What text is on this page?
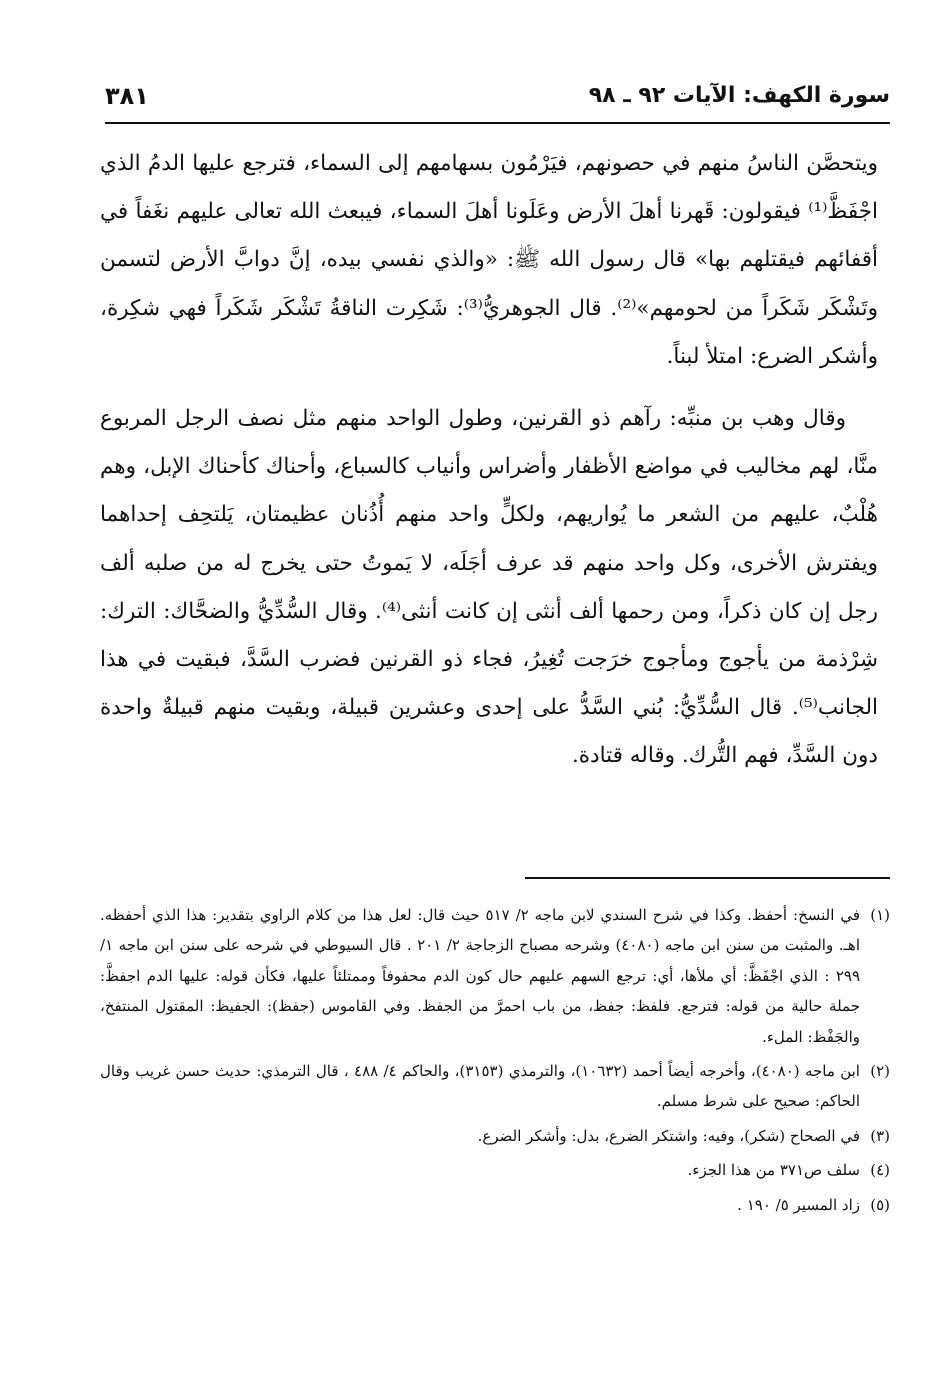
سورة الكهف: الآيات ٩٢ ـ ٩٨
٣٨١

ويتحصَّن الناسُ منهم في حصونهم، فيَرْمُون بسهامهم إلى السماء، فترجع عليها الدمُ الذي اجْفَظَّ⁽¹⁾ فيقولون: قَهرنا أهلَ الأرض وعَلَونا أهلَ السماء، فيبعث الله تعالى عليهم نغَفاً في أقفائهم فيقتلهم بها» قال رسول الله ﷺ: «والذي نفسي بيده، إنَّ دوابَّ الأرض لتسمن وتَشْكَر شَكَراً من لحومهم»⁽²⁾. قال الجوهريُّ⁽³⁾: شَكِرت الناقةُ تَشْكَر شَكَراً فهي شكِرة، وأشكر الضرع: امتلأ لبناً.

وقال وهب بن منبِّه: رآهم ذو القرنين، وطول الواحد منهم مثل نصف الرجل المربوع منَّا، لهم مخاليب في مواضع الأظفار وأضراس وأنياب كالسباع، وأحناك كأحناك الإبل، وهم هُلْبٌ، عليهم من الشعر ما يُواريهم، ولكلٍّ واحد منهم أُذُنان عظيمتان، يَلتحِف إحداهما ويفترش الأخرى، وكل واحد منهم قد عرف أجَلَه، لا يَموتُ حتى يخرج له من صلبه ألف رجل إن كان ذكراً، ومن رحمها ألف أنثى إن كانت أنثى⁽⁴⁾. وقال السُّدِّيُّ والضحَّاك: الترك: شِرْذمة من يأجوج ومأجوج خرَجت تُغِيرُ، فجاء ذو القرنين فضرب السَّدَّ، فبقيت في هذا الجانب⁽⁵⁾. قال السُّدِّيُّ: بُني السَّدُّ على إحدى وعشرين قبيلة، وبقيت منهم قبيلةٌ واحدة دون السَّدِّ، فهم التُّرك. وقاله قتادة.

(١)
في النسخ: أحفظ. وكذا في شرح السندي لابن ماجه ٢/ ٥١٧ حيث قال: لعل هذا من كلام الراوي بتقدير: هذا الذي أحفظه. اهـ. والمثبت من سنن ابن ماجه (٤٠٨٠) وشرحه مصباح الزجاجة ٢/ ٢٠١ . قال السيوطي في شرحه على سنن ابن ماجه ١/ ٢٩٩ : الذي اجْفَظَّ: أي ملأها، أي: ترجع السهم عليهم حال كون الدم محفوفاً وممتلئاً عليها، فكأن قوله: عليها الدم اجفظَّ: جملة حالية من قوله: فترجع. فلفظ: جفظ، من باب احمرَّ من الجفظ. وفي القاموس (جفظ): الجفيظ: المقتول المنتفخ، والجَفْظ: الملء.
(٢)
ابن ماجه (٤٠٨٠)، وأخرجه أيضاً أحمد (١٠٦٣٢)، والترمذي (٣١٥٣)، والحاكم ٤/ ٤٨٨ ، قال الترمذي: حديث حسن غريب وقال الحاكم: صحيح على شرط مسلم.
(٣)
في الصحاح (شكر)، وفيه: واشتكر الضرع، بدل: وأشكر الضرع.
(٤)
سلف ص٣٧١ من هذا الجزء.
(٥)
زاد المسير ٥/ ١٩٠ .
